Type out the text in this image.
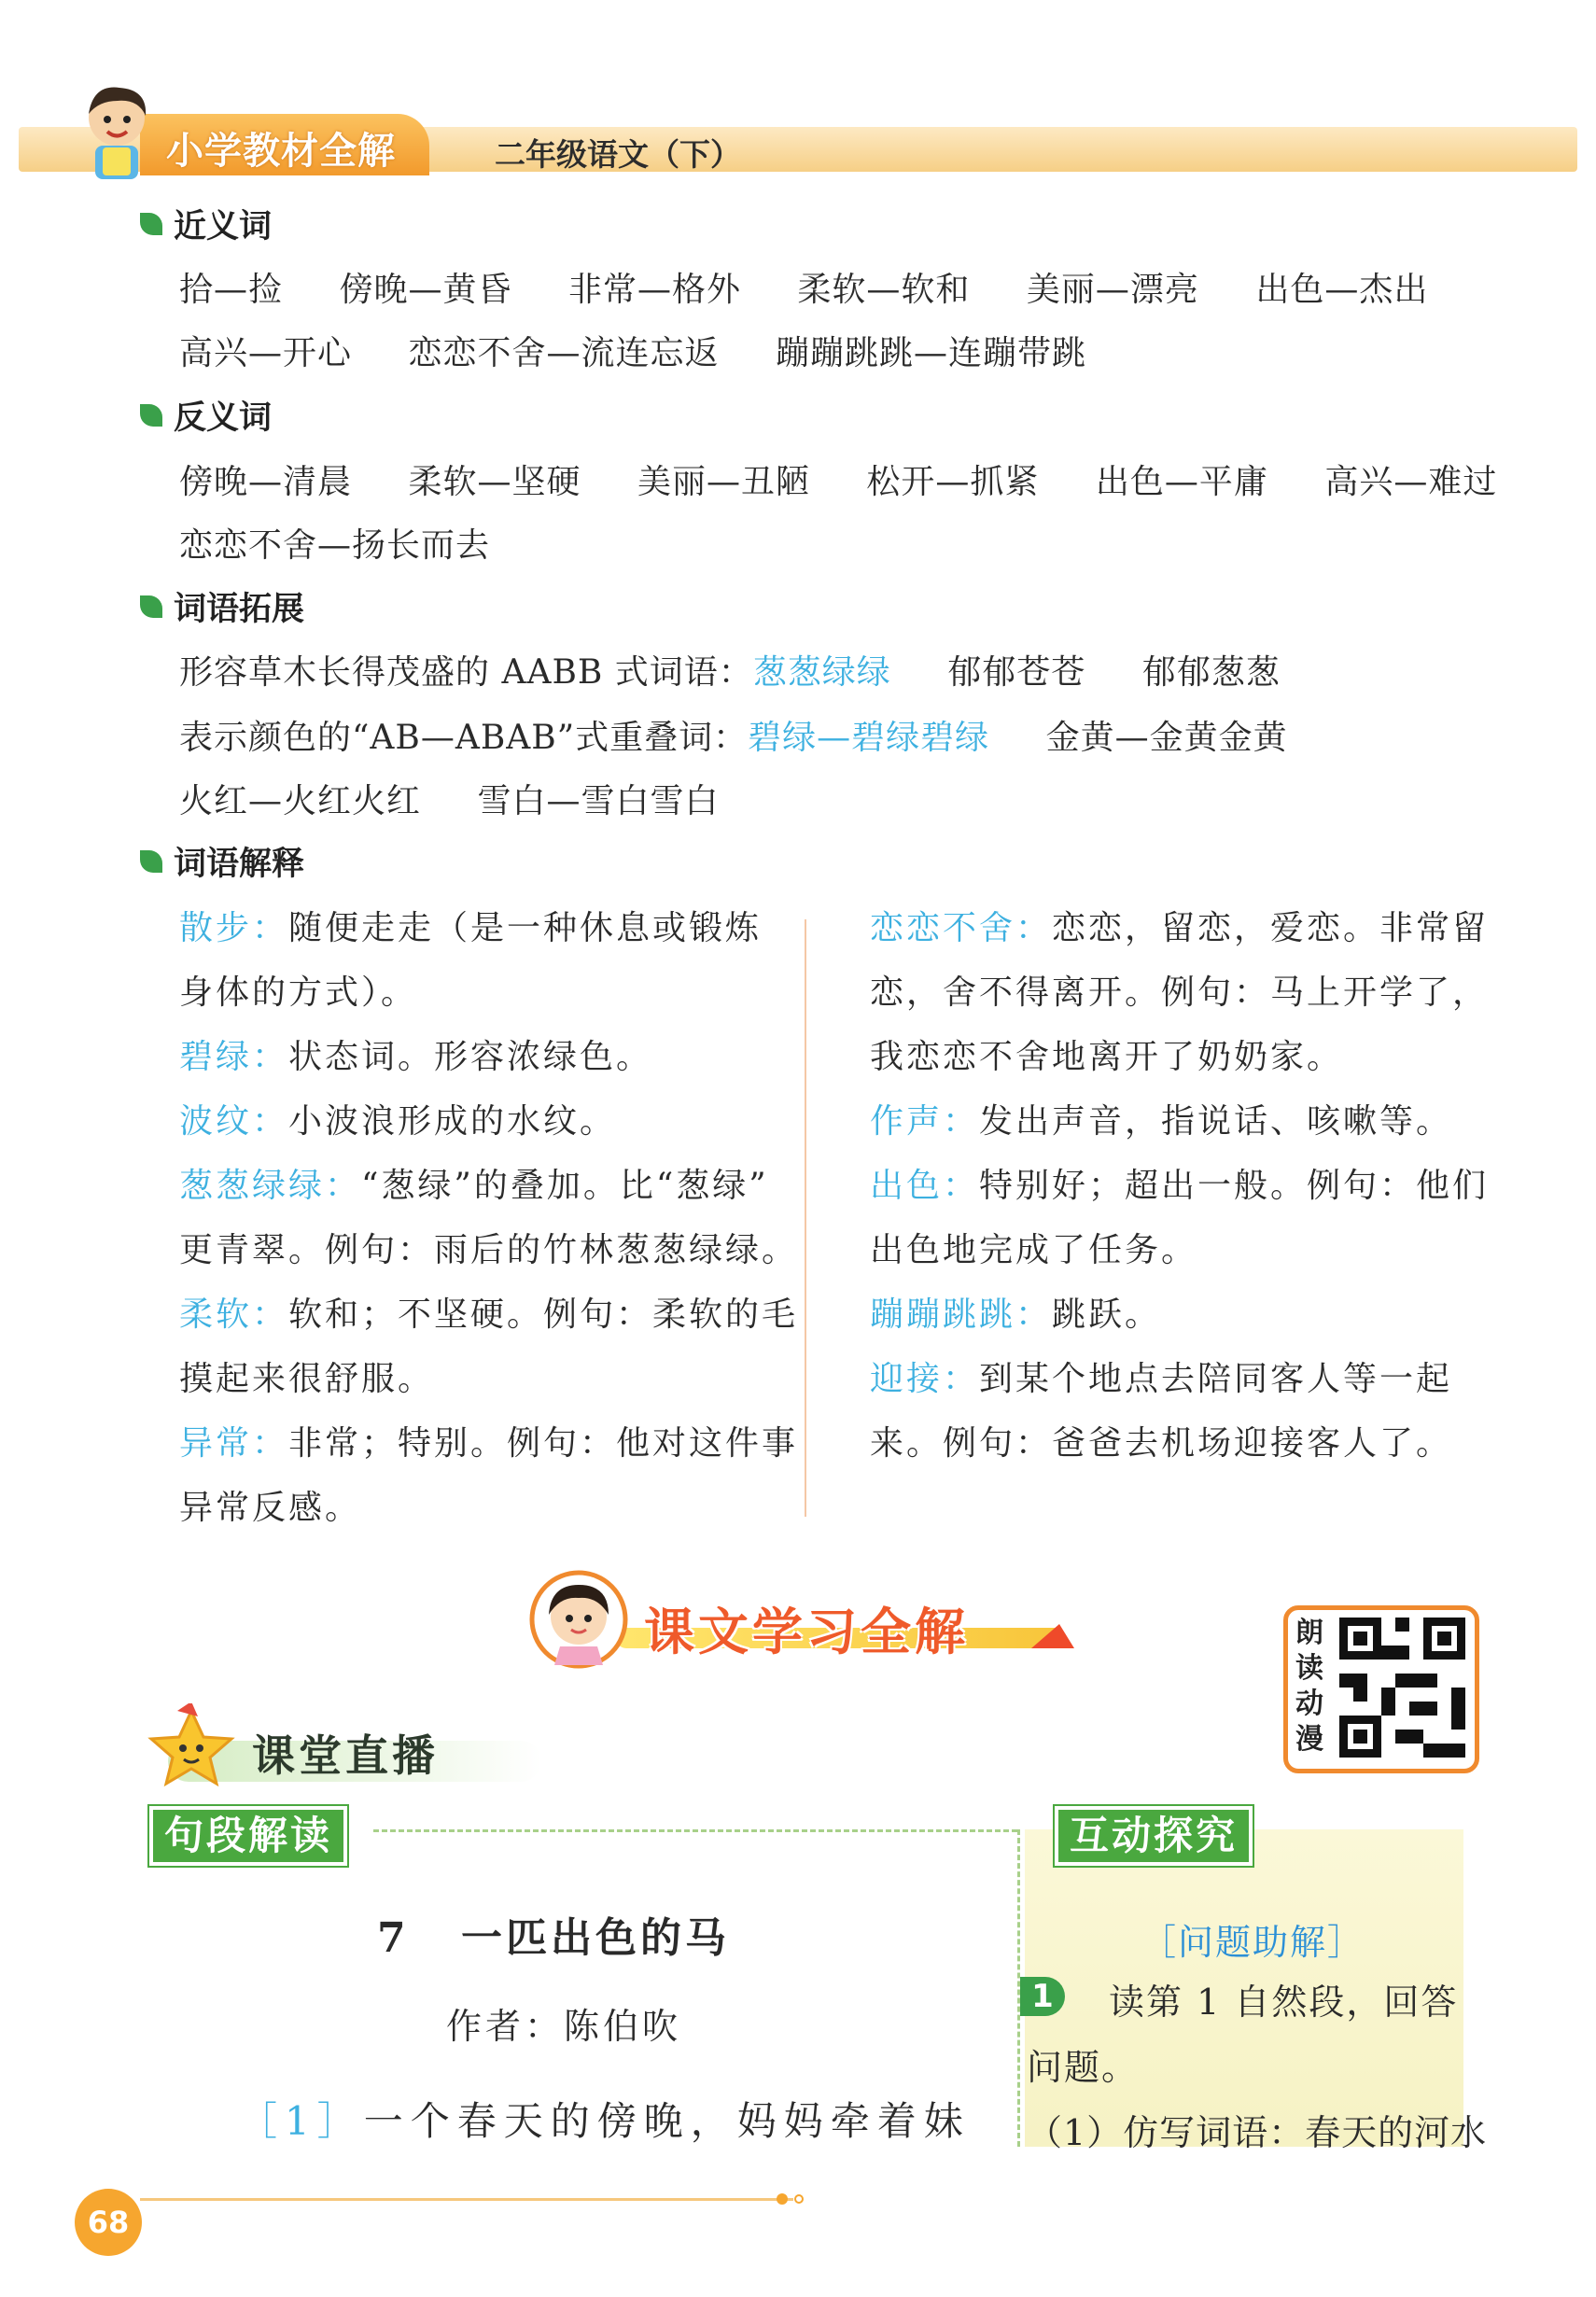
小学教材全解	二年级语文（下）
近义词
拾—捡 傍晚—黄昏 非常—格外 柔软—软和 美丽—漂亮 出色—杰出
高兴—开心 恋恋不舍—流连忘返 蹦蹦跳跳—连蹦带跳
反义词
傍晚—清晨 柔软—坚硬 美丽—丑陋 松开—抓紧 出色—平庸 高兴—难过
恋恋不舍—扬长而去
词语拓展
形容草木长得茂盛的 AABB 式词语：葱葱绿绿 郁郁苍苍 郁郁葱葱
表示颜色的“AB—ABAB”式重叠词：碧绿—碧绿碧绿 金黄—金黄金黄
火红—火红火红 雪白—雪白雪白
词语解释

散步：随便走走（是一种休息或锻炼

身体的方式）。

碧绿：状态词。形容浓绿色。

波纹：小波浪形成的水纹。

葱葱绿绿：“葱绿”的叠加。比“葱绿”

更青翠。例句：雨后的竹林葱葱绿绿。

柔软：软和；不坚硬。例句：柔软的毛

摸起来很舒服。

异常：非常；特别。例句：他对这件事

异常反感。

恋恋不舍：恋恋，留恋，爱恋。非常留

恋，舍不得离开。例句：马上开学了，

我恋恋不舍地离开了奶奶家。

作声：发出声音，指说话、咳嗽等。

出色：特别好；超出一般。例句：他们

出色地完成了任务。

蹦蹦跳跳：跳跃。

迎接：到某个地点去陪同客人等一起

来。例句：爸爸去机场迎接客人了。

课文学习全解	朗读动漫
课堂直播
句段解读
7 一匹出色的马
作者：陈伯吹
［1］一个春天的傍晚，妈妈牵着妹
互动探究
［问题助解］
1	读第 1 自然段，回答
问题。
（1）仿写词语：春天的河水
68
